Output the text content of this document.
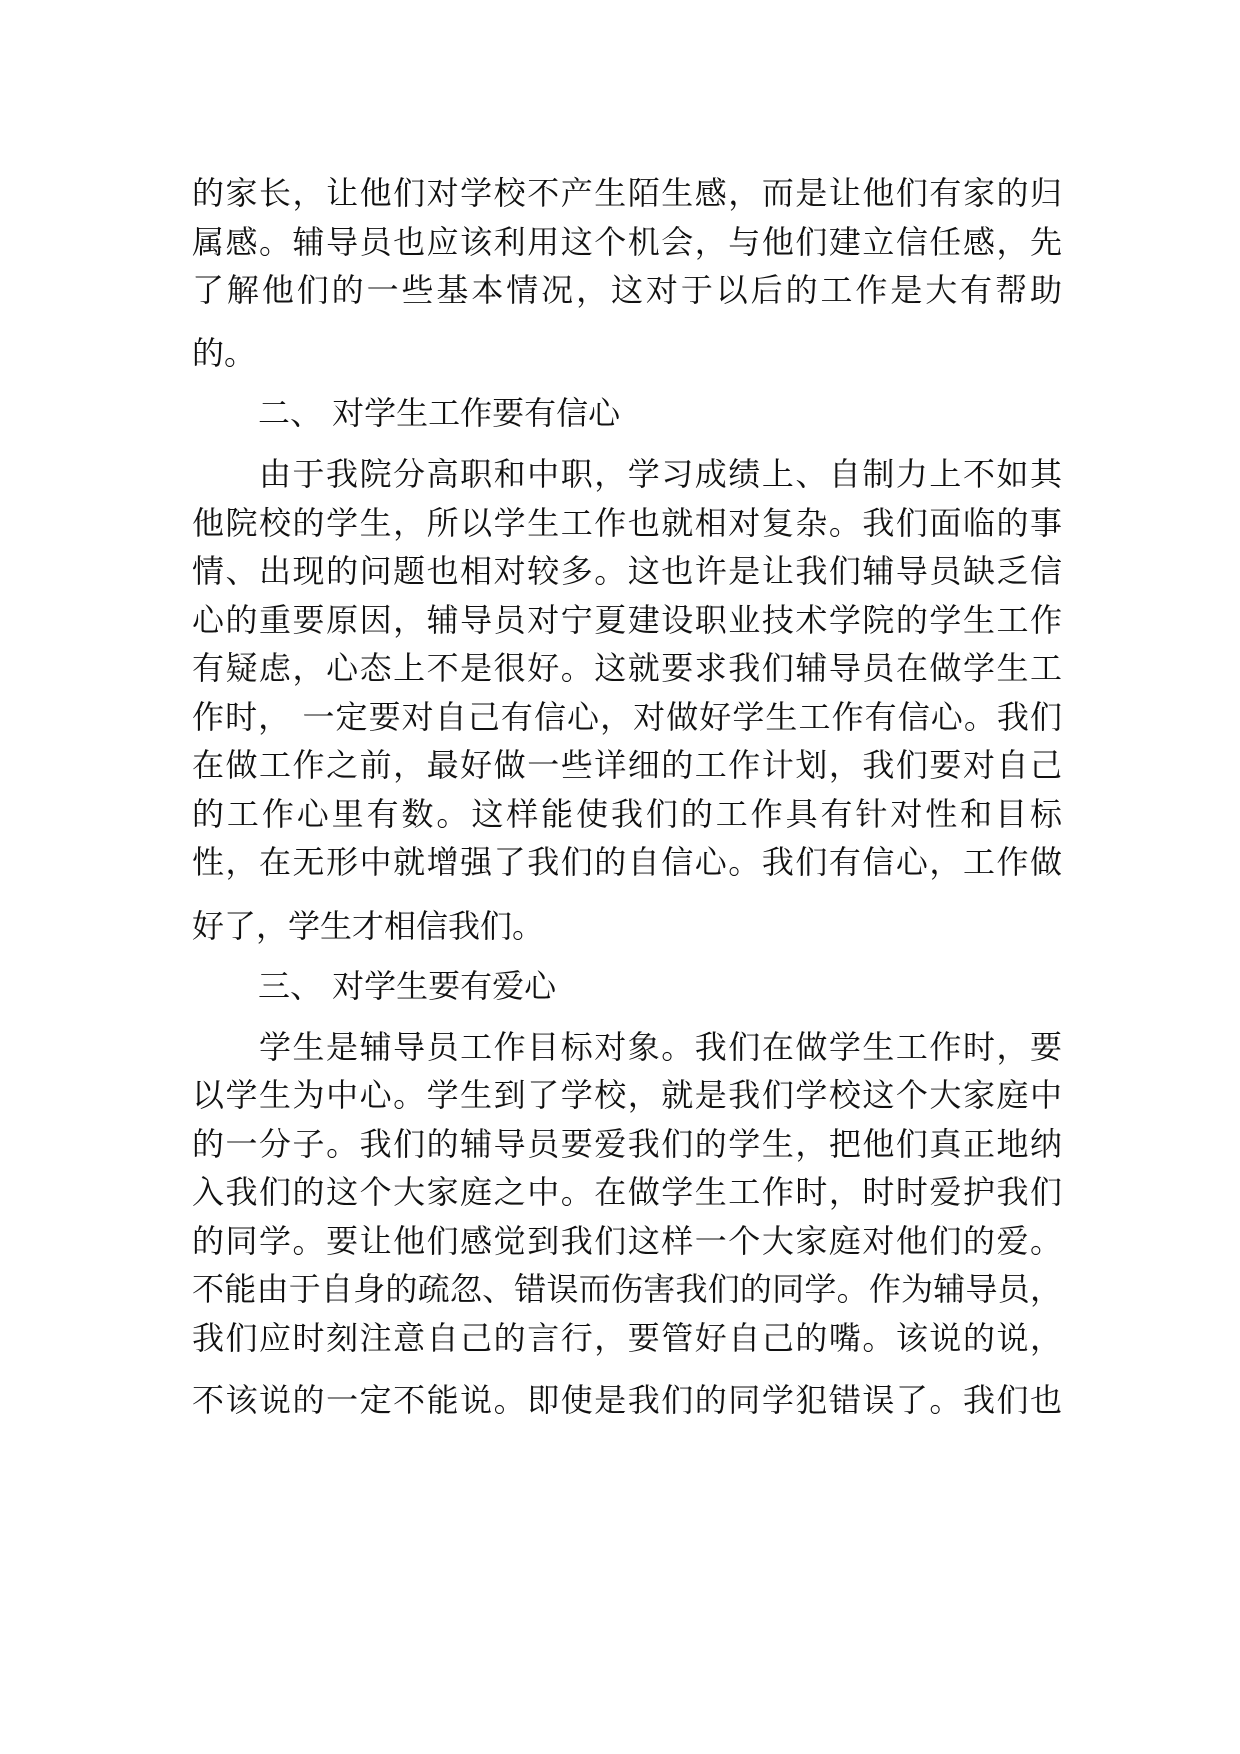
的家长，让他们对学校不产生陌生感，而是让他们有家的归
属感。辅导员也应该利用这个机会，与他们建立信任感，先
了解他们的一些基本情况，这对于以后的工作是大有帮助
的。
二、 对学生工作要有信心
由于我院分高职和中职，学习成绩上、自制力上不如其
他院校的学生，所以学生工作也就相对复杂。我们面临的事
情、出现的问题也相对较多。这也许是让我们辅导员缺乏信
心的重要原因，辅导员对宁夏建设职业技术学院的学生工作
有疑虑，心态上不是很好。这就要求我们辅导员在做学生工
作时， 一定要对自己有信心，对做好学生工作有信心。我们
在做工作之前，最好做一些详细的工作计划，我们要对自己
的工作心里有数。这样能使我们的工作具有针对性和目标
性，在无形中就增强了我们的自信心。我们有信心，工作做
好了，学生才相信我们。
三、 对学生要有爱心
学生是辅导员工作目标对象。我们在做学生工作时，要
以学生为中心。学生到了学校，就是我们学校这个大家庭中
的一分子。我们的辅导员要爱我们的学生，把他们真正地纳
入我们的这个大家庭之中。在做学生工作时，时时爱护我们
的同学。要让他们感觉到我们这样一个大家庭对他们的爱。
不能由于自身的疏忽、错误而伤害我们的同学。作为辅导员，
我们应时刻注意自己的言行，要管好自己的嘴。该说的说，
不该说的一定不能说。即使是我们的同学犯错误了。我们也
